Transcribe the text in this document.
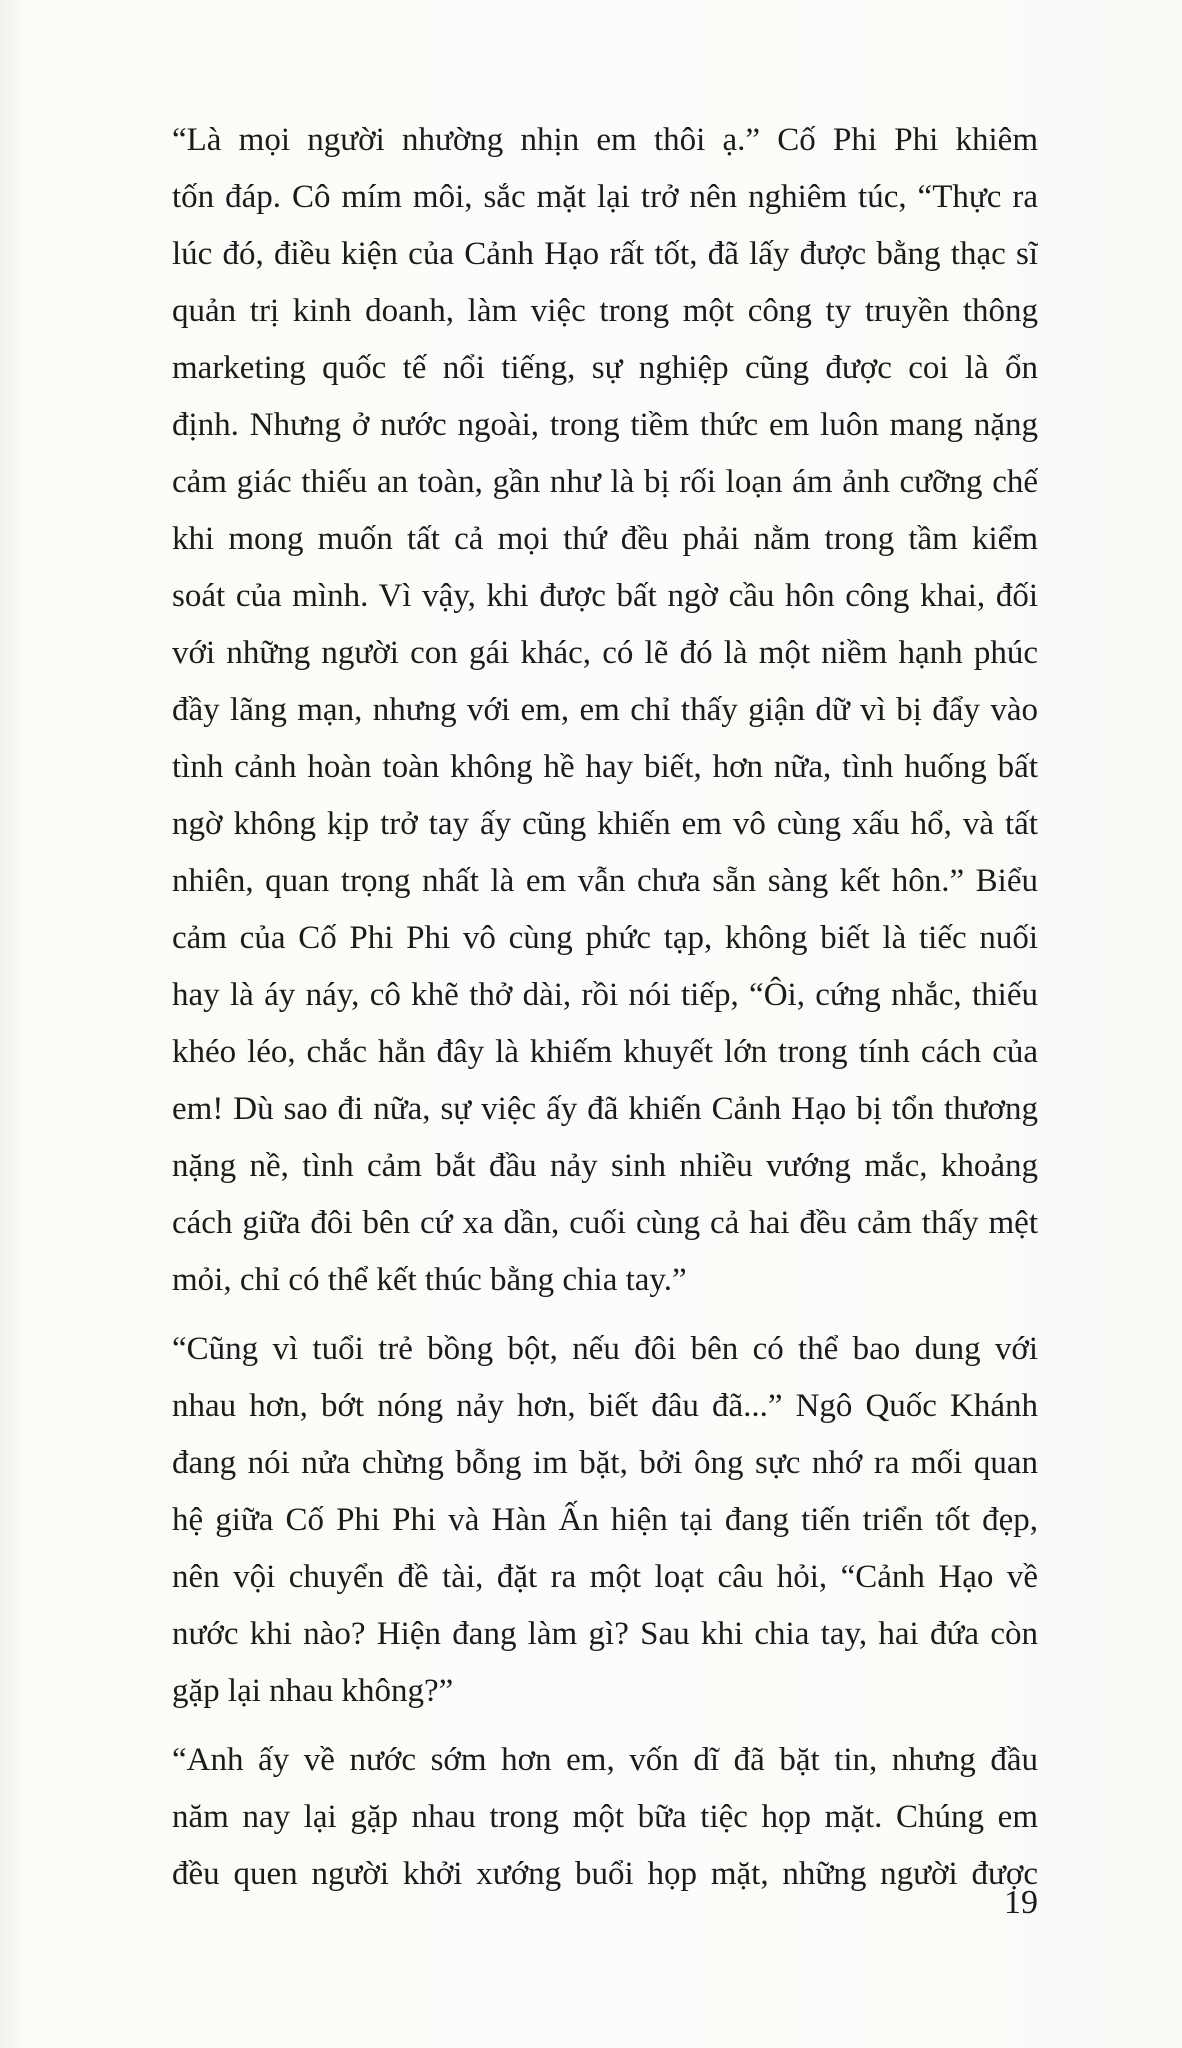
“Là mọi người nhường nhịn em thôi ạ.” Cố Phi Phi khiêm
tốn đáp. Cô mím môi, sắc mặt lại trở nên nghiêm túc, “Thực ra
lúc đó, điều kiện của Cảnh Hạo rất tốt, đã lấy được bằng thạc sĩ
quản trị kinh doanh, làm việc trong một công ty truyền thông
marketing quốc tế nổi tiếng, sự nghiệp cũng được coi là ổn
định. Nhưng ở nước ngoài, trong tiềm thức em luôn mang nặng
cảm giác thiếu an toàn, gần như là bị rối loạn ám ảnh cưỡng chế
khi mong muốn tất cả mọi thứ đều phải nằm trong tầm kiểm
soát của mình. Vì vậy, khi được bất ngờ cầu hôn công khai, đối
với những người con gái khác, có lẽ đó là một niềm hạnh phúc
đầy lãng mạn, nhưng với em, em chỉ thấy giận dữ vì bị đẩy vào
tình cảnh hoàn toàn không hề hay biết, hơn nữa, tình huống bất
ngờ không kịp trở tay ấy cũng khiến em vô cùng xấu hổ, và tất
nhiên, quan trọng nhất là em vẫn chưa sẵn sàng kết hôn.” Biểu
cảm của Cố Phi Phi vô cùng phức tạp, không biết là tiếc nuối
hay là áy náy, cô khẽ thở dài, rồi nói tiếp, “Ôi, cứng nhắc, thiếu
khéo léo, chắc hẳn đây là khiếm khuyết lớn trong tính cách của
em! Dù sao đi nữa, sự việc ấy đã khiến Cảnh Hạo bị tổn thương
nặng nề, tình cảm bắt đầu nảy sinh nhiều vướng mắc, khoảng
cách giữa đôi bên cứ xa dần, cuối cùng cả hai đều cảm thấy mệt
mỏi, chỉ có thể kết thúc bằng chia tay.”

“Cũng vì tuổi trẻ bồng bột, nếu đôi bên có thể bao dung với
nhau hơn, bớt nóng nảy hơn, biết đâu đã...” Ngô Quốc Khánh
đang nói nửa chừng bỗng im bặt, bởi ông sực nhớ ra mối quan
hệ giữa Cố Phi Phi và Hàn Ấn hiện tại đang tiến triển tốt đẹp,
nên vội chuyển đề tài, đặt ra một loạt câu hỏi, “Cảnh Hạo về
nước khi nào? Hiện đang làm gì? Sau khi chia tay, hai đứa còn
gặp lại nhau không?”

“Anh ấy về nước sớm hơn em, vốn dĩ đã bặt tin, nhưng đầu
năm nay lại gặp nhau trong một bữa tiệc họp mặt. Chúng em
đều quen người khởi xướng buổi họp mặt, những người được

19
